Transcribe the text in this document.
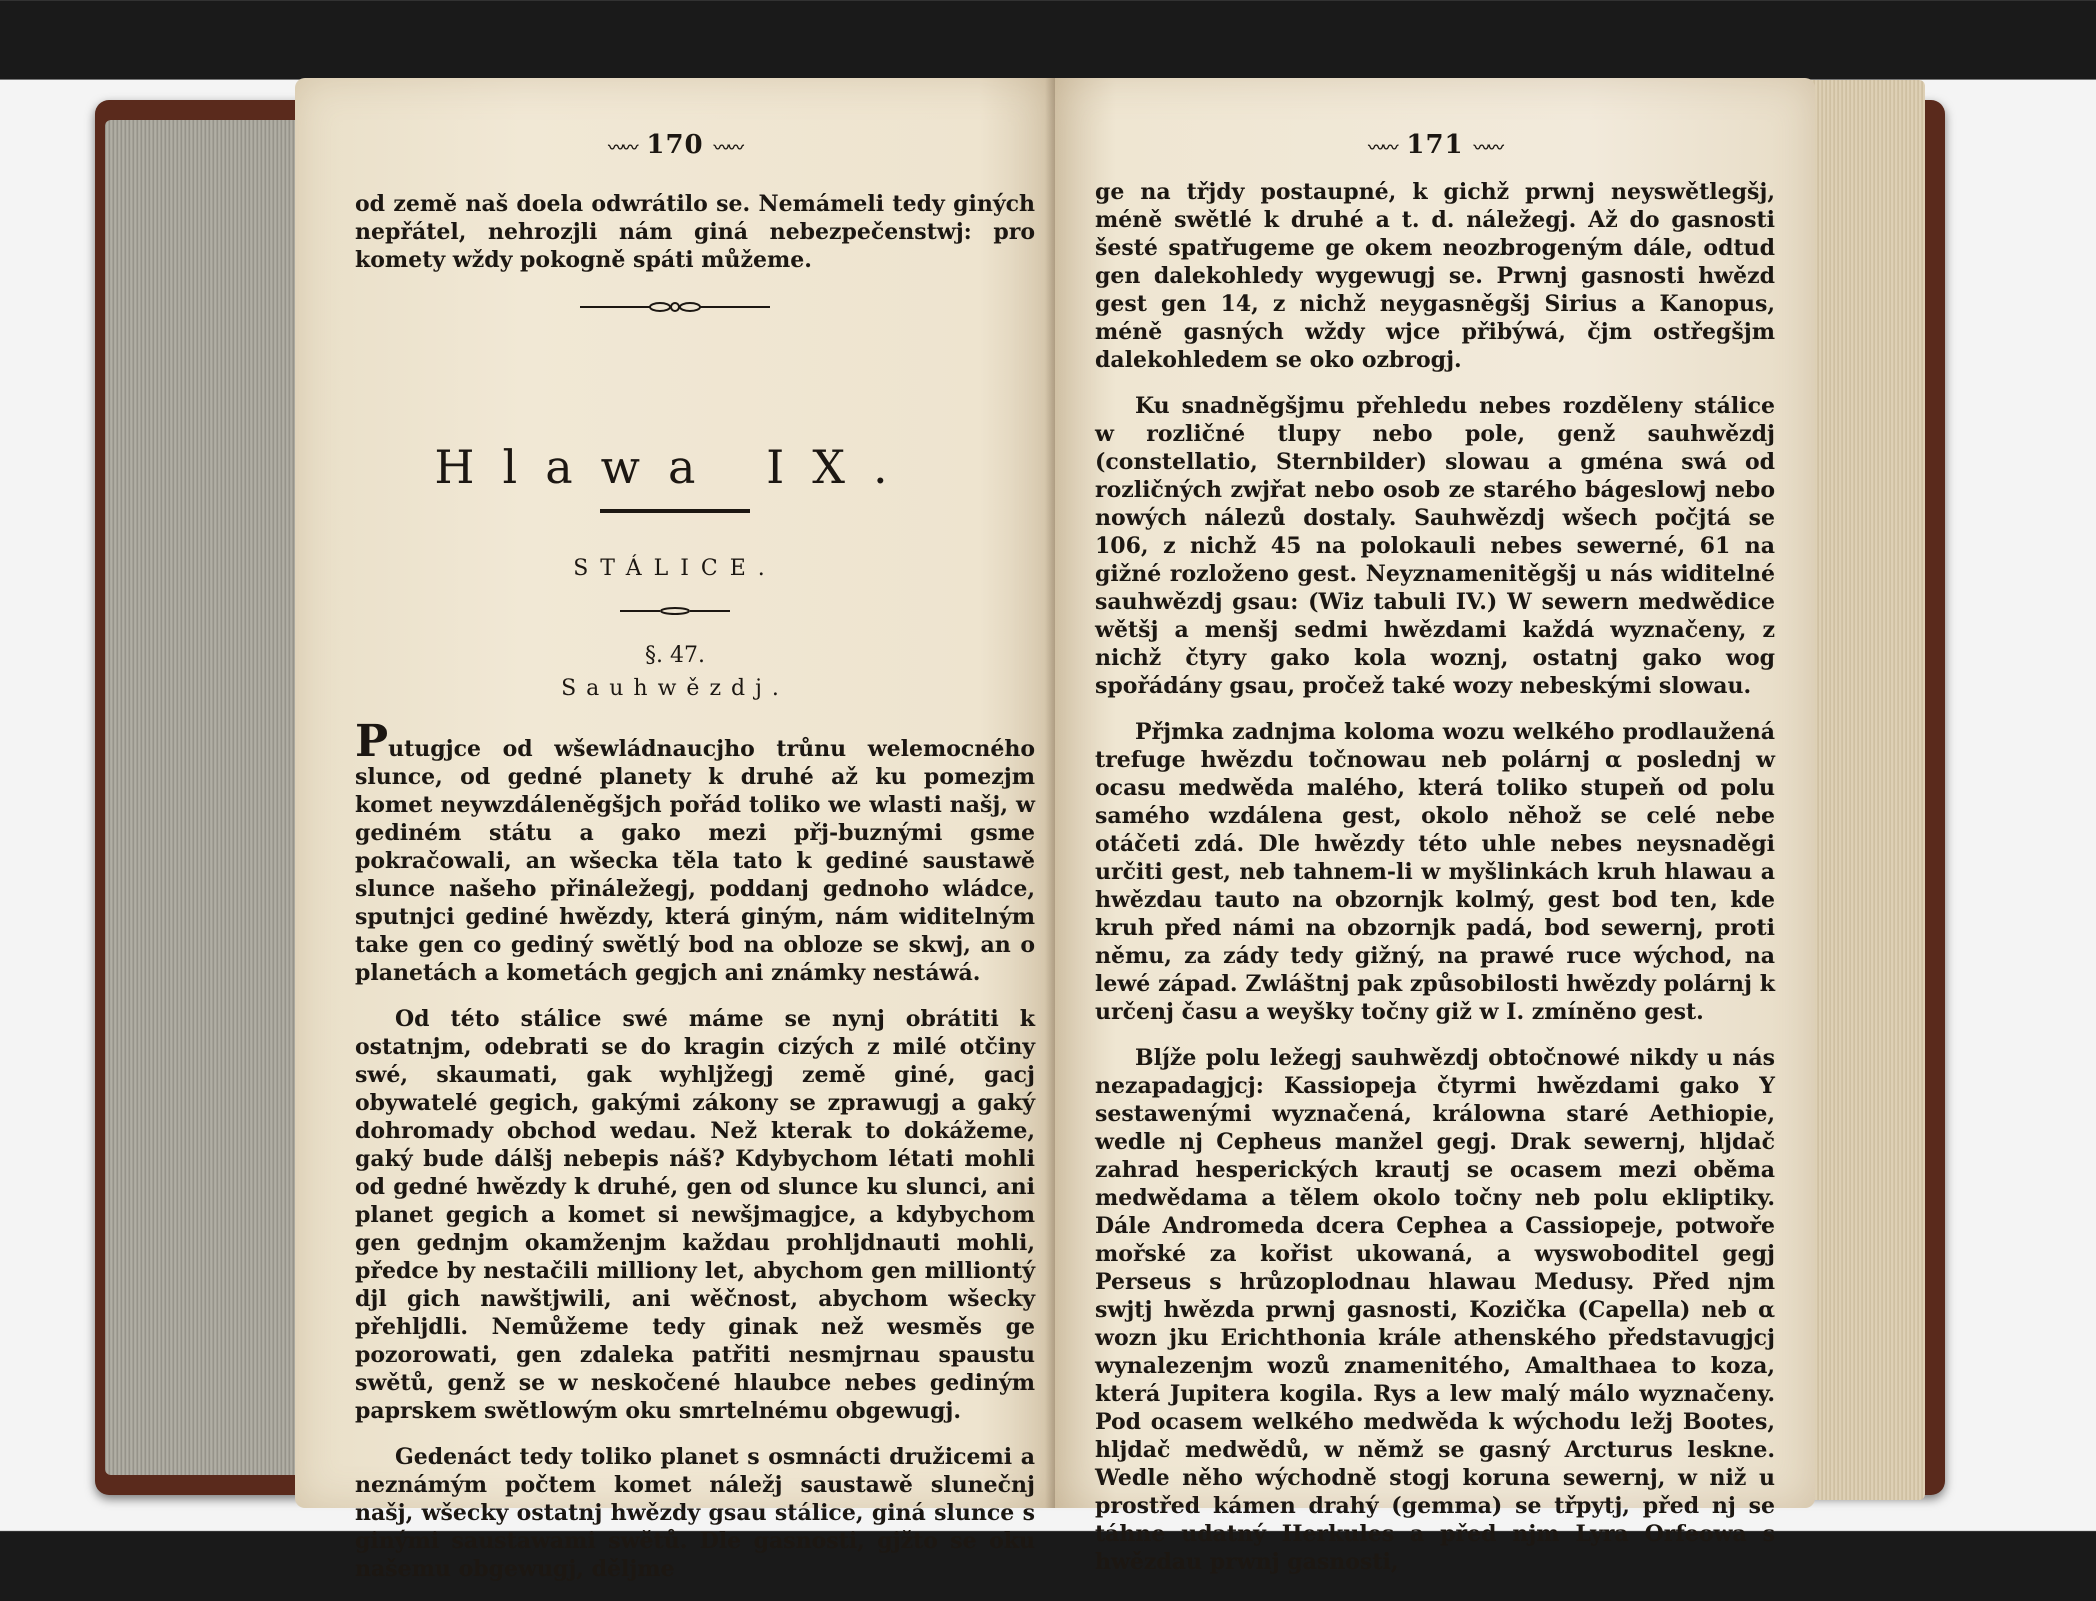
〰〰 170 〰〰

od země naš doela odwrátilo se. Nemámeli tedy giných nepřátel, nehrozjli nám giná nebezpečenstwj: pro komety wždy pokogně spáti můžeme.

Hlawa IX.
STÁLICE.
§. 47.
Sauhwězdj.

Putugjce od wšewládnaucjho trůnu welemocného slunce, od gedné planety k druhé až ku pomezjm komet neywzdáleněgšjch pořád toliko we wlasti našj, w gediném státu a gako mezi přj-buznými gsme pokračowali, an wšecka těla tato k gediné saustawě slunce našeho přináležegj, poddanj gednoho wládce, sputnjci gediné hwězdy, která giným, nám widitelným take gen co gediný swětlý bod na obloze se skwj, an o planetách a kometách gegjch ani známky nestáwá.

Od této stálice swé máme se nynj obrátiti k ostatnjm, odebrati se do kragin cizých z milé otčiny swé, skaumati, gak wyhljžegj země giné, gacj obywatelé gegich, gakými zákony se zprawugj a gaký dohromady obchod wedau. Než kterak to dokážeme, gaký bude dálšj nebepis náš? Kdybychom létati mohli od gedné hwězdy k druhé, gen od slunce ku slunci, ani planet gegich a komet si newšjmagjce, a kdybychom gen gednjm okamženjm každau prohljdnauti mohli, předce by nestačili milliony let, abychom gen milliontý djl gich nawštjwili, ani wěčnost, abychom wšecky přehljdli. Nemůžeme tedy ginak než wesměs ge pozorowati, gen zdaleka patřiti nesmjrnau spaustu swětů, genž se w neskočené hlaubce nebes gediným paprskem swětlowým oku smrtelnému obgewugj.

Gedenáct tedy toliko planet s osmnácti družicemi a neznámým počtem komet náležj saustawě slunečnj našj, wšecky ostatnj hwězdy gsau stálice, giná slunce s ginými saustawami swětů. Dle gasnosti, gjžto se oku našemu obgewugj, děljme

〰〰 171 〰〰

ge na třjdy postaupné, k gichž prwnj neyswětlegšj, méně swětlé k druhé a t. d. náležegj. Až do gasnosti šesté spatřugeme ge okem neozbrogeným dále, odtud gen dalekohledy wygewugj se. Prwnj gasnosti hwězd gest gen 14, z nichž neygasněgšj Sirius a Kanopus, méně gasných wždy wjce přibýwá, čjm ostřegšjm dalekohledem se oko ozbrogj.

Ku snadněgšjmu přehledu nebes rozděleny stálice w rozličné tlupy nebo pole, genž sauhwězdj (constellatio, Sternbilder) slowau a gména swá od rozličných zwjřat nebo osob ze starého bágeslowj nebo nowých nálezů dostaly. Sauhwězdj wšech počjtá se 106, z nichž 45 na polokauli nebes sewerné, 61 na gižné rozloženo gest. Neyznamenitěgšj u nás widitelné sauhwězdj gsau: (Wiz tabuli IV.) W sewern medwědice wětšj a menšj sedmi hwězdami každá wyznačeny, z nichž čtyry gako kola woznj, ostatnj gako wog spořádány gsau, pročež také wozy nebeskými slowau.

Přjmka zadnjma koloma wozu welkého prodlaužená trefuge hwězdu točnowau neb polárnj α poslednj w ocasu medwěda malého, která toliko stupeň od polu samého wzdálena gest, okolo něhož se celé nebe otáčeti zdá. Dle hwězdy této uhle nebes neysnaděgi určiti gest, neb tahnem-li w myšlinkách kruh hlawau a hwězdau tauto na obzornjk kolmý, gest bod ten, kde kruh před námi na obzornjk padá, bod sewernj, proti němu, za zády tedy gižný, na prawé ruce wýchod, na lewé západ. Zwláštnj pak způsobilosti hwězdy polárnj k určenj času a weyšky točny giž w I. zmíněno gest.

Blj́že polu ležegj sauhwězdj obtočnowé nikdy u nás nezapadagjcj: Kassiopeja čtyrmi hwězdami gako Y sestawenými wyznačená, králowna staré Aethiopie, wedle nj Cepheus manžel gegj. Drak sewernj, hljdač zahrad hesperických krautj se ocasem mezi oběma medwědama a tělem okolo točny neb polu ekliptiky. Dále Andromeda dcera Cephea a Cassiopeje, potwoře mořské za kořist ukowaná, a wyswoboditel gegj Perseus s hrůzoplodnau hlawau Medusy. Před njm swjtj hwězda prwnj gasnosti, Kozička (Capella) neb α wozn jku Erichthonia krále athenského představugjcj wynalezenjm wozů znamenitého, Amalthaea to koza, která Jupitera kogila. Rys a lew malý málo wyznačeny. Pod ocasem welkého medwěda k wýchodu ležj Bootes, hljdač medwědů, w němž se gasný Arcturus leskne. Wedle něho wýchodně stogj koruna sewernj, w niž u prostřed kámen drahý (gemma) se třpytj, před nj se táhne udatný Herkules a před njm Lyra Orfeowa s hwězdau prwnj gasnosti,
